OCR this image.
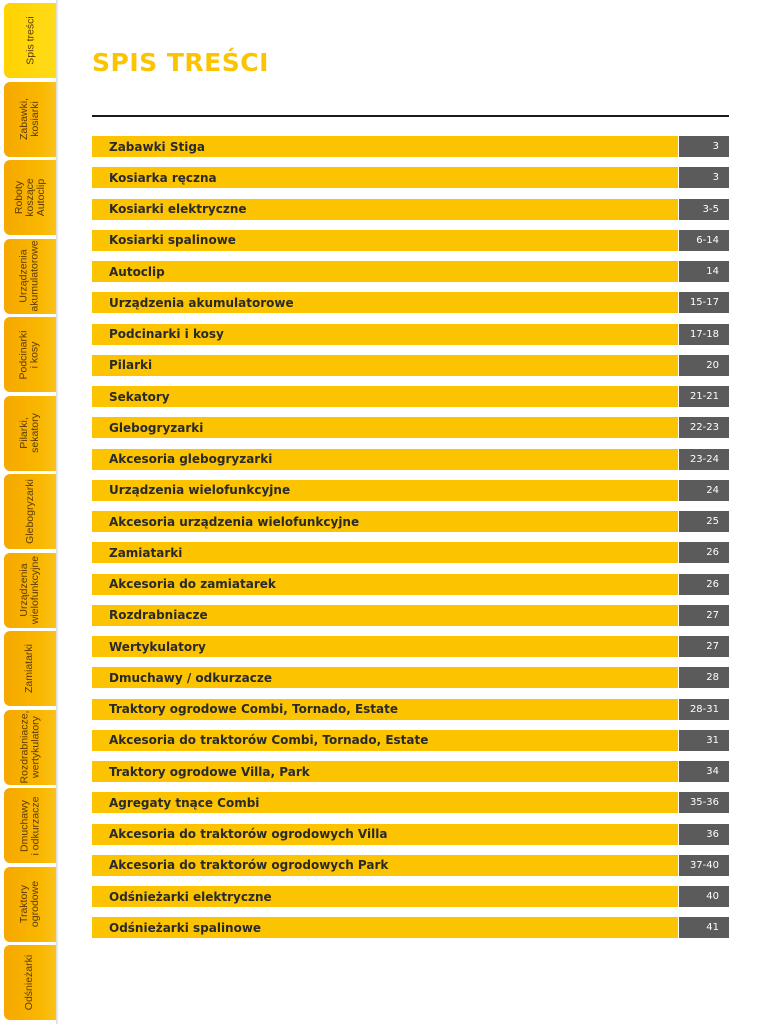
Spis treści
Zabawki,
kosiarki
Roboty
koszące
Autoclip
Urządzenia
akumulatorowe
Podcinarki
i kosy
Pilarki,
sekatory
Glebogryzarki
Urządzenia
wielofunkcyjne
Zamiatarki
Rozdrabniacze,
wertykulatory
Dmuchawy
i odkurzacze
Traktory
ogrodowe
Odśnieżarki
SPIS TREŚCI
Zabawki Stiga	3
Kosiarka ręczna	3
Kosiarki elektryczne	3-5
Kosiarki spalinowe	6-14
Autoclip	14
Urządzenia akumulatorowe	15-17
Podcinarki i kosy	17-18
Pilarki	20
Sekatory	21-21
Glebogryzarki	22-23
Akcesoria glebogryzarki	23-24
Urządzenia wielofunkcyjne	24
Akcesoria urządzenia wielofunkcyjne	25
Zamiatarki	26
Akcesoria do zamiatarek	26
Rozdrabniacze	27
Wertykulatory	27
Dmuchawy / odkurzacze	28
Traktory ogrodowe Combi, Tornado, Estate	28-31
Akcesoria do traktorów Combi, Tornado, Estate	31
Traktory ogrodowe Villa, Park	34
Agregaty tnące Combi	35-36
Akcesoria do traktorów ogrodowych Villa	36
Akcesoria do traktorów ogrodowych Park	37-40
Odśnieżarki elektryczne	40
Odśnieżarki spalinowe	41
